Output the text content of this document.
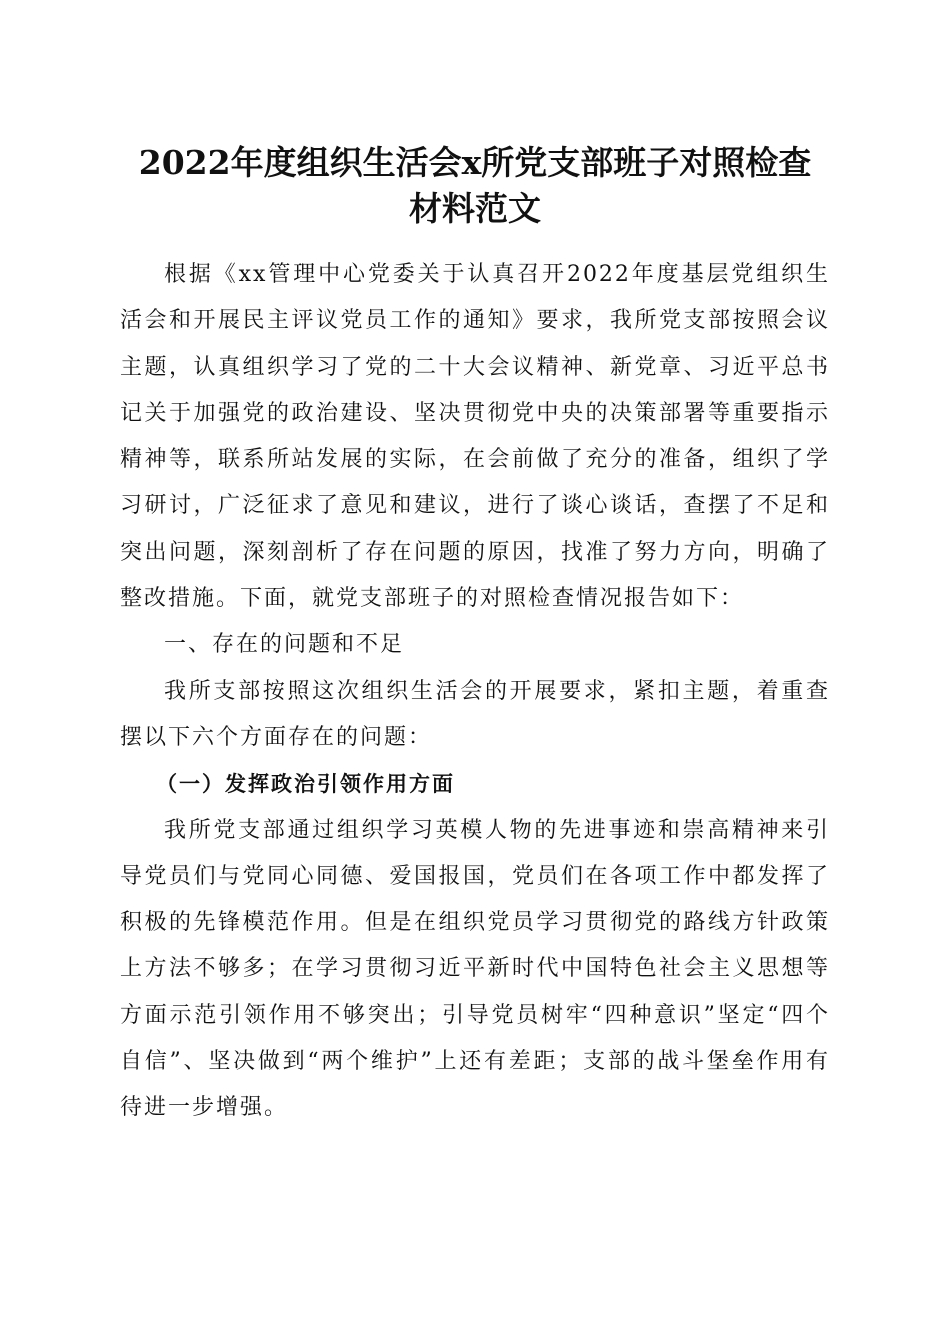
2022年度组织生活会x所党支部班子对照检查
材料范文

根据《xx管理中心党委关于认真召开2022年度基层党组织生活会和开展民主评议党员工作的通知》要求，我所党支部按照会议主题，认真组织学习了党的二十大会议精神、新党章、习近平总书记关于加强党的政治建设、坚决贯彻党中央的决策部署等重要指示精神等，联系所站发展的实际，在会前做了充分的准备，组织了学习研讨，广泛征求了意见和建议，进行了谈心谈话，查摆了不足和突出问题，深刻剖析了存在问题的原因，找准了努力方向，明确了整改措施。下面，就党支部班子的对照检查情况报告如下：

一、存在的问题和不足

我所支部按照这次组织生活会的开展要求，紧扣主题，着重查摆以下六个方面存在的问题：

（一）发挥政治引领作用方面

我所党支部通过组织学习英模人物的先进事迹和崇高精神来引导党员们与党同心同德、爱国报国，党员们在各项工作中都发挥了积极的先锋模范作用。但是在组织党员学习贯彻党的路线方针政策上方法不够多；在学习贯彻习近平新时代中国特色社会主义思想等方面示范引领作用不够突出；引导党员树牢“四种意识”坚定“四个自信”、坚决做到“两个维护”上还有差距；支部的战斗堡垒作用有待进一步增强。
